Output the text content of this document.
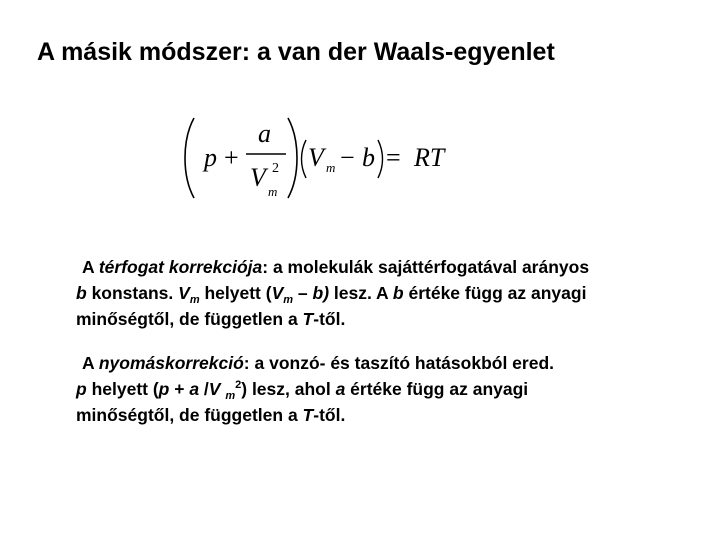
A másik módszer: a van der Waals-egyenlet
p +
a
V 2
m
V m − b = RT
A térfogat korrekciója: a molekulák sajáttérfogatával arányos
b konstans. $V_m$ helyett $(V_m - b)$ lesz. A b értéke függ az anyagi
minőségtől, de független a T-től.
A nyomáskorrekció: a vonzó- és taszító hatásokból ered.
p helyett (p + a /V $_m^2$) lesz, ahol a értéke függ az anyagi
minőségtől, de független a T-től.
